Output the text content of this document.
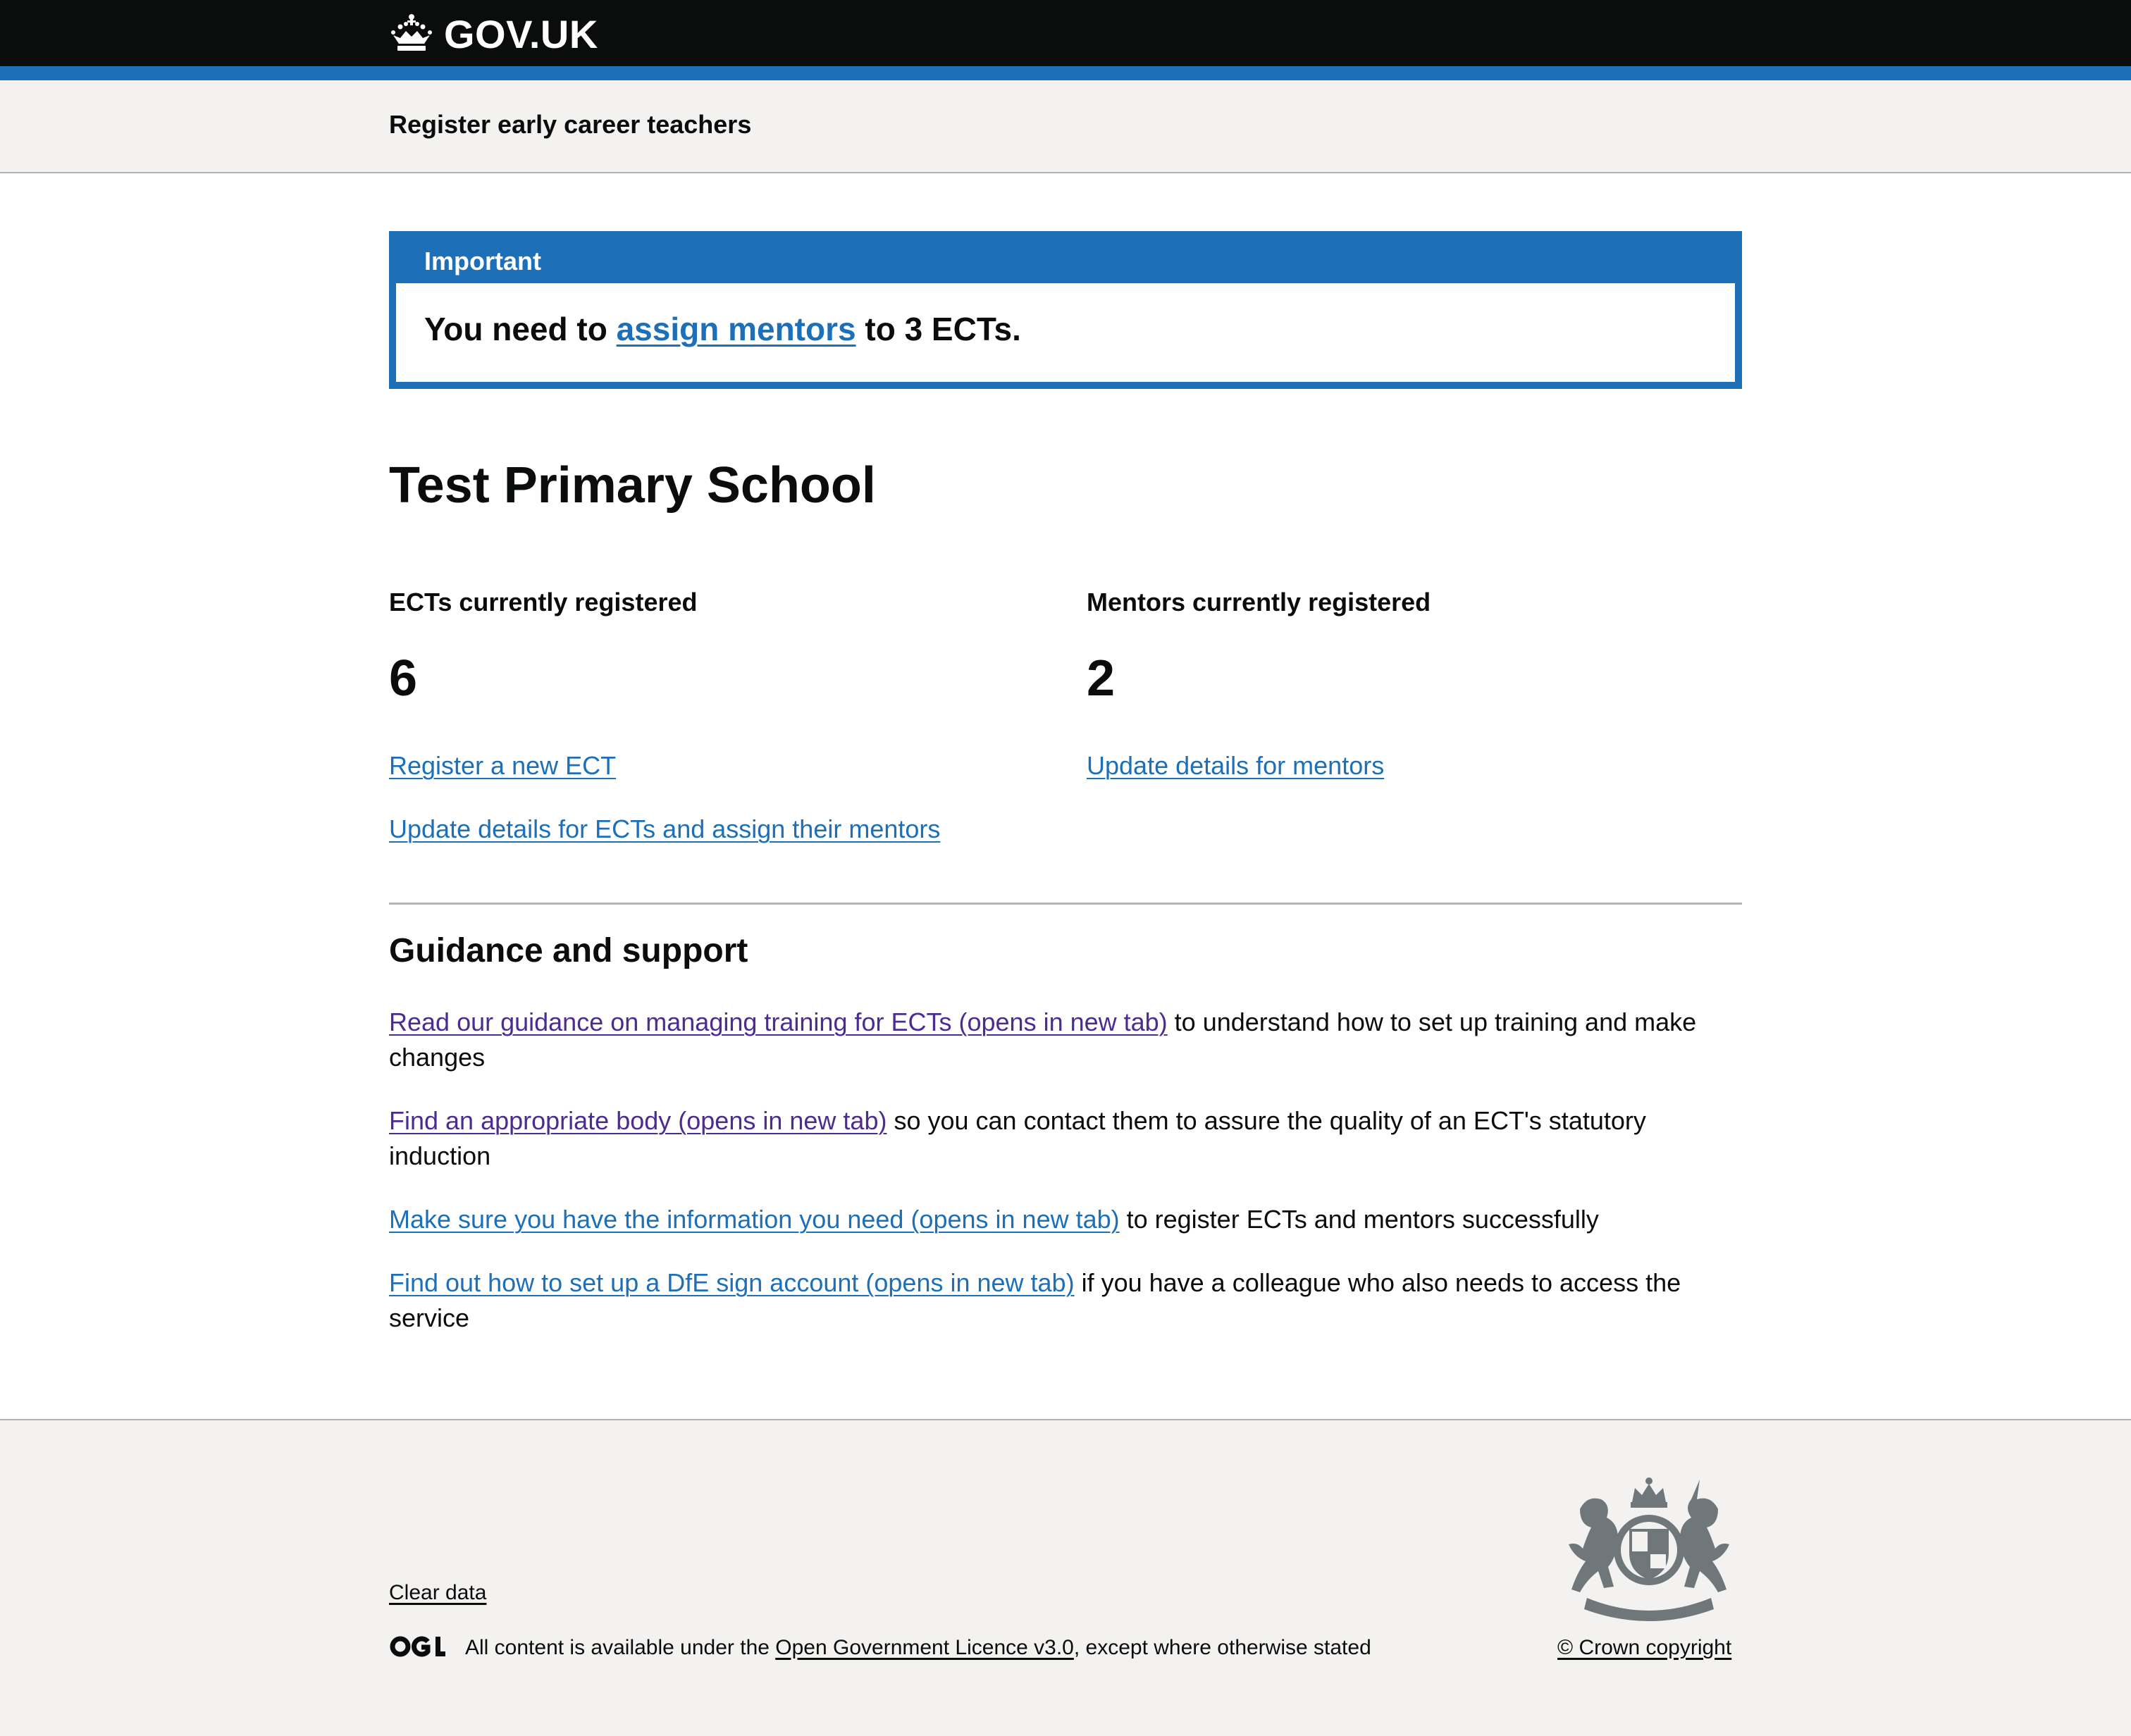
GOV.UK
Register early career teachers
Important
You need to assign mentors to 3 ECTs.
Test Primary School
ECTs currently registered
6
Register a new ECT
Update details for ECTs and assign their mentors
Mentors currently registered
2
Update details for mentors
Guidance and support

Read our guidance on managing training for ECTs (opens in new tab) to understand how to set up training and make changes

Find an appropriate body (opens in new tab) so you can contact them to assure the quality of an ECT's statutory induction

Make sure you have the information you need (opens in new tab) to register ECTs and mentors successfully

Find out how to set up a DfE sign account (opens in new tab) if you have a colleague who also needs to access the service

Clear data
All content is available under the Open Government Licence v3.0, except where otherwise stated	© Crown copyright
